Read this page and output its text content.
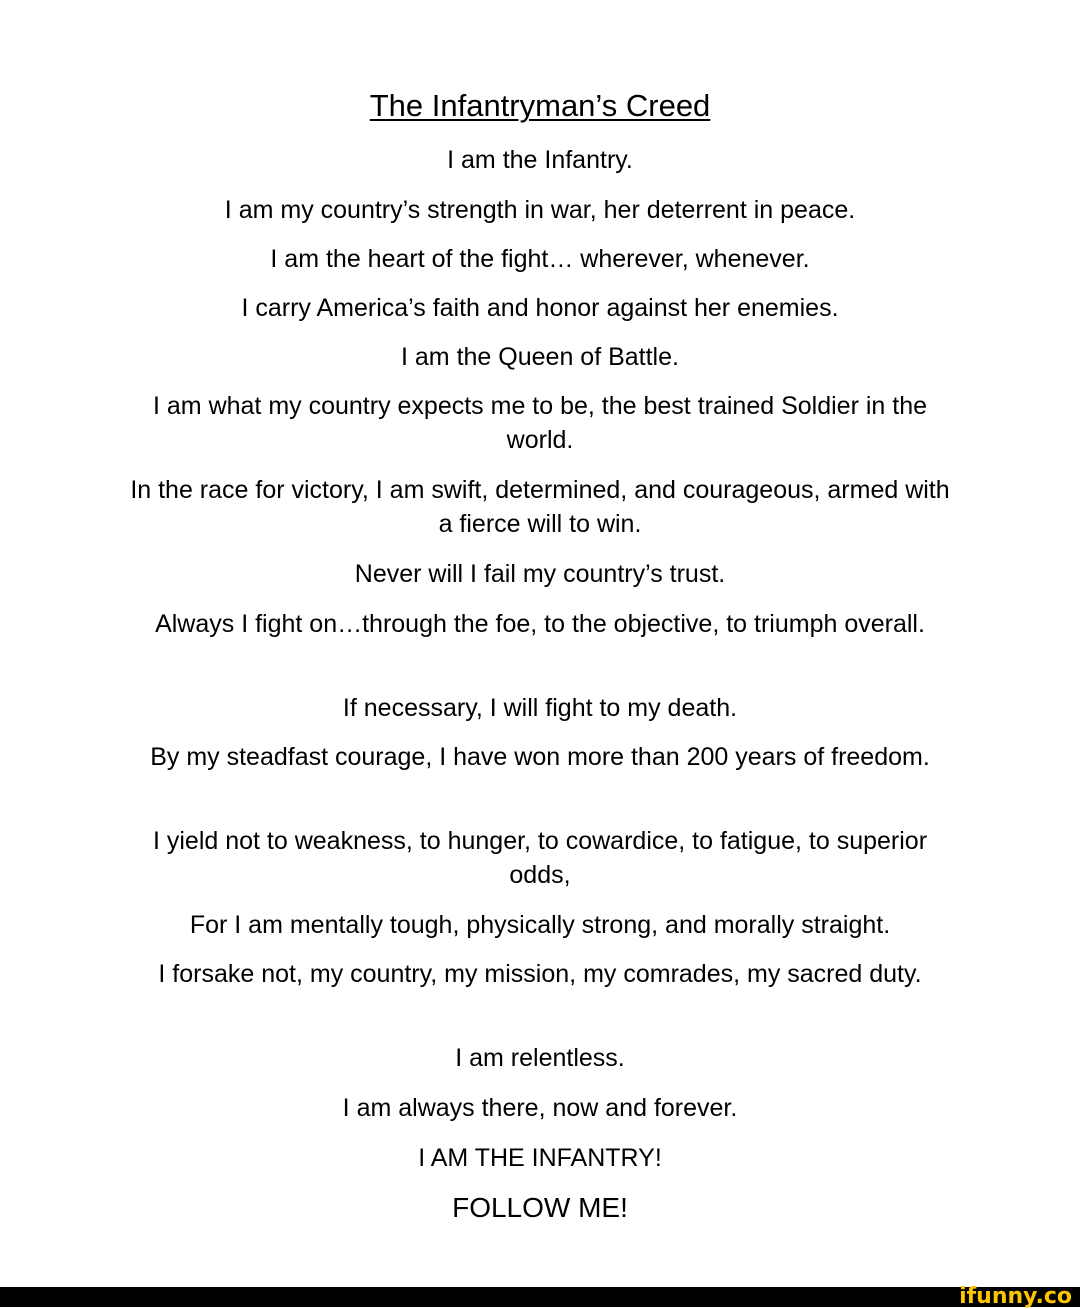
The Infantryman’s Creed
I am the Infantry.
I am my country’s strength in war, her deterrent in peace.
I am the heart of the fight… wherever, whenever.
I carry America’s faith and honor against her enemies.
I am the Queen of Battle.
I am what my country expects me to be, the best trained Soldier in the world.
In the race for victory, I am swift, determined, and courageous, armed with a fierce will to win.
Never will I fail my country’s trust.
Always I fight on…through the foe, to the objective, to triumph overall.
If necessary, I will fight to my death.
By my steadfast courage, I have won more than 200 years of freedom.
I yield not to weakness, to hunger, to cowardice, to fatigue, to superior odds,
For I am mentally tough, physically strong, and morally straight.
I forsake not, my country, my mission, my comrades, my sacred duty.
I am relentless.
I am always there, now and forever.
I AM THE INFANTRY!
FOLLOW ME!
ifunny.co
